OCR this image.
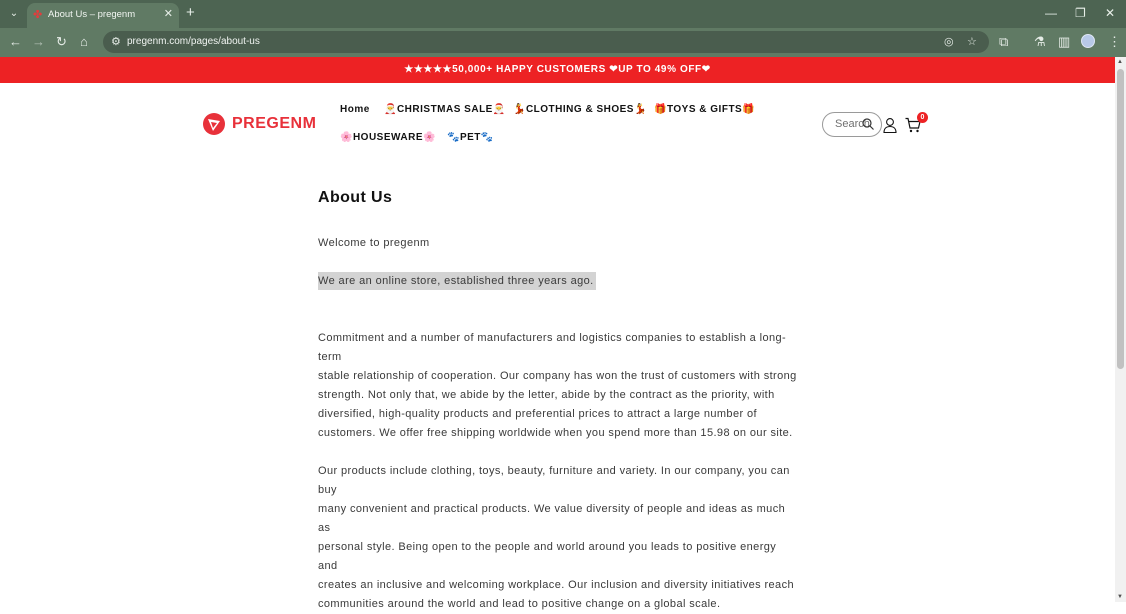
⌄	✤ About Us – pregenm	✕ +	— ❐ ✕
← → ↻ ⌂ ⚙ pregenm.com/pages/about-us	◎ ☆ ⧉ ⚗ ▥	⋮
★★★★★50,000+ HAPPY CUSTOMERS ❤UP TO 49% OFF❤
PREGENM
Home 🎅CHRISTMAS SALE🎅 💃CLOTHING & SHOES💃 🎁TOYS & GIFTS🎁
🌸HOUSEWARE🌸 🐾PET🐾
Search
0
About Us
Welcome to pregenm
We are an online store, established three years ago.
Commitment and a number of manufacturers and logistics companies to establish a long-term
stable relationship of cooperation. Our company has won the trust of customers with strong
strength. Not only that, we abide by the letter, abide by the contract as the priority, with
diversified, high-quality products and preferential prices to attract a large number of
customers. We offer free shipping worldwide when you spend more than 15.98 on our site.
Our products include clothing, toys, beauty, furniture and variety. In our company, you can buy
many convenient and practical products. We value diversity of people and ideas as much as
personal style. Being open to the people and world around you leads to positive energy and
creates an inclusive and welcoming workplace. Our inclusion and diversity initiatives reach
communities around the world and lead to positive change on a global scale.
▲
▼
